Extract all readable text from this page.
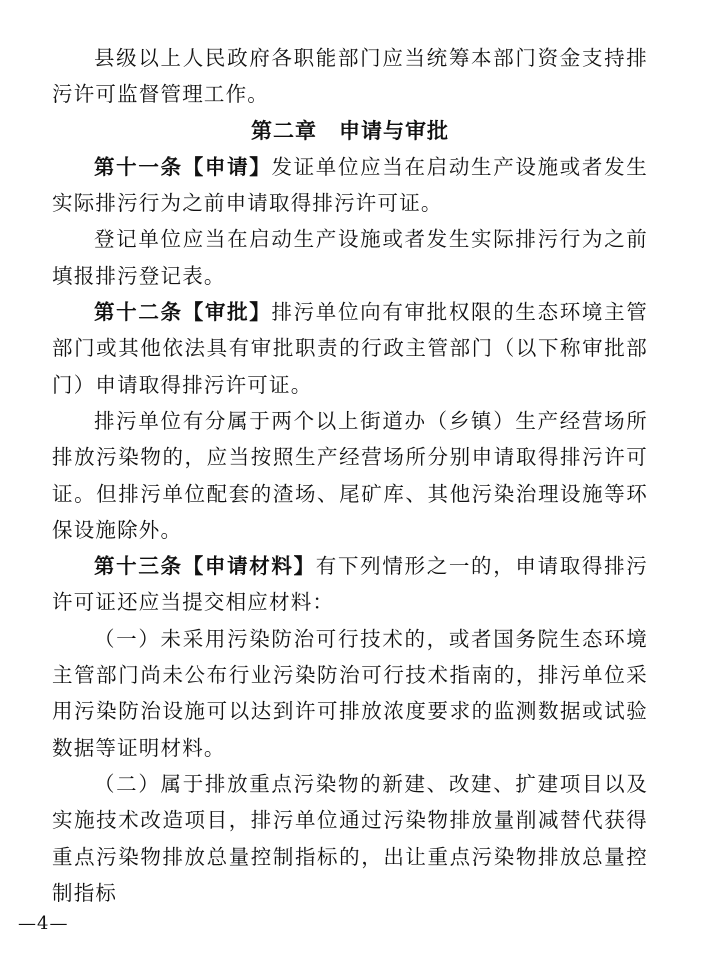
县级以上人民政府各职能部门应当统筹本部门资金支持排污许可监督管理工作。

第二章　申请与审批

第十一条【申请】发证单位应当在启动生产设施或者发生实际排污行为之前申请取得排污许可证。

登记单位应当在启动生产设施或者发生实际排污行为之前填报排污登记表。

第十二条【审批】排污单位向有审批权限的生态环境主管部门或其他依法具有审批职责的行政主管部门（以下称审批部门）申请取得排污许可证。

排污单位有分属于两个以上街道办（乡镇）生产经营场所排放污染物的，应当按照生产经营场所分别申请取得排污许可证。但排污单位配套的渣场、尾矿库、其他污染治理设施等环保设施除外。

第十三条【申请材料】有下列情形之一的，申请取得排污许可证还应当提交相应材料：

（一）未采用污染防治可行技术的，或者国务院生态环境主管部门尚未公布行业污染防治可行技术指南的，排污单位采用污染防治设施可以达到许可排放浓度要求的监测数据或试验数据等证明材料。

（二）属于排放重点污染物的新建、改建、扩建项目以及实施技术改造项目，排污单位通过污染物排放量削减替代获得重点污染物排放总量控制指标的，出让重点污染物排放总量控制指标

—4—
